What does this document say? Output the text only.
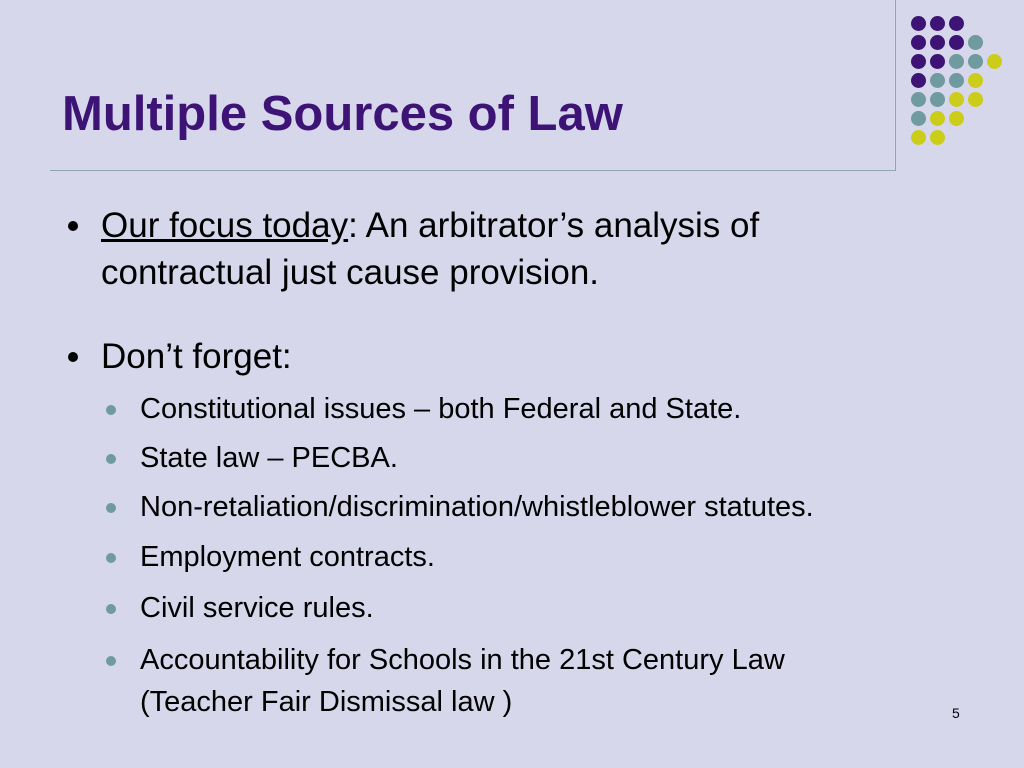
Multiple Sources of Law
Our focus today: An arbitrator’s analysis of
contractual just cause provision.
Don’t forget:
Constitutional issues – both Federal and State.
State law – PECBA.
Non-retaliation/discrimination/whistleblower statutes.
Employment contracts.
Civil service rules.
Accountability for Schools in the 21st Century Law
(Teacher Fair Dismissal law )	5
